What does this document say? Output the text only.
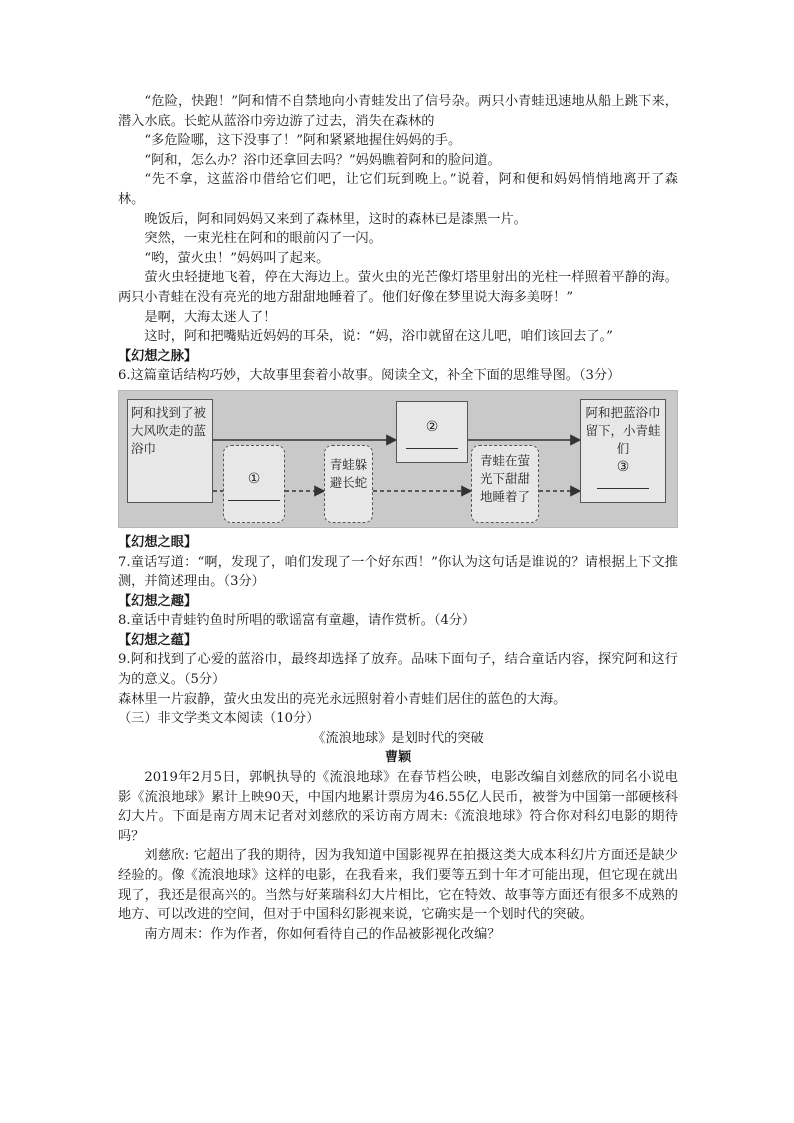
“危险，快跑！”阿和情不自禁地向小青蛙发出了信号杂。两只小青蛙迅速地从船上跳下来，潜入水底。长蛇从蓝浴巾旁边游了过去，消失在森林的

“多危险哪，这下没事了！”阿和紧紧地握住妈妈的手。

“阿和，怎么办？浴巾还拿回去吗？”妈妈瞧着阿和的脸问道。

“先不拿，这蓝浴巾借给它们吧，让它们玩到晚上。”说着，阿和便和妈妈悄悄地离开了森林。

晚饭后，阿和同妈妈又来到了森林里，这时的森林已是漆黑一片。

突然，一束光柱在阿和的眼前闪了一闪。

“哟，萤火虫！”妈妈叫了起来。

萤火虫轻捷地飞着，停在大海边上。萤火虫的光芒像灯塔里射出的光柱一样照着平静的海。两只小青蛙在没有亮光的地方甜甜地睡着了。他们好像在梦里说大海多美呀！”

是啊，大海太迷人了！

这时，阿和把嘴贴近妈妈的耳朵，说：“妈，浴巾就留在这儿吧，咱们该回去了。”

【幻想之脉】

6.这篇童话结构巧妙，大故事里套着小故事。阅读全文，补全下面的思维导图。（3分）

阿和找到了被大风吹走的蓝浴巾
①

青蛙躲避长蛇
②

青蛙在萤光下甜甜地睡着了
阿和把蓝浴巾留下，小青蛙们
③

【幻想之眼】

7.童话写道：“啊，发现了，咱们发现了一个好东西！”你认为这句话是谁说的？请根据上下文推测，并简述理由。（3分）

【幻想之趣】

8.童话中青蛙钓鱼时所唱的歌谣富有童趣，请作赏析。（4分）

【幻想之蕴】

9.阿和找到了心爱的蓝浴巾，最终却选择了放弃。品味下面句子，结合童话内容，探究阿和这行为的意义。（5分）

森林里一片寂静，萤火虫发出的亮光永远照射着小青蛙们居住的蓝色的大海。

（三）非文学类文本阅读（10分）

《流浪地球》是划时代的突破

曹颖

2019年2月5日，郭帆执导的《流浪地球》在春节档公映，电影改编自刘慈欣的同名小说电影《流浪地球》累计上映90天，中国内地累计票房为46.55亿人民币，被誉为中国第一部硬核科幻大片。下面是南方周末记者对刘慈欣的采访南方周末:《流浪地球》符合你对科幻电影的期待吗？

刘慈欣: 它超出了我的期待，因为我知道中国影视界在拍摄这类大成本科幻片方面还是缺少经验的。像《流浪地球》这样的电影，在我看来，我们要等五到十年才可能出现，但它现在就出现了，我还是很高兴的。当然与好莱瑞科幻大片相比，它在特效、故事等方面还有很多不成熟的地方、可以改进的空间，但对于中国科幻影视来说，它确实是一个划时代的突破。

南方周末：作为作者，你如何看待自己的作品被影视化改编？
